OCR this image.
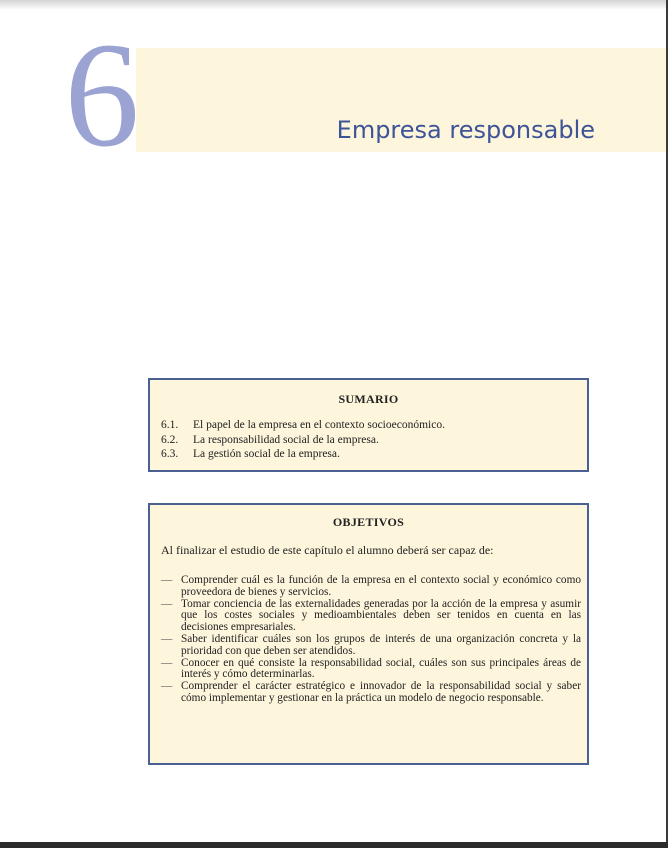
6	Empresa responsable
SUMARIO
6.1.	El papel de la empresa en el contexto socioeconómico.
6.2.	La responsabilidad social de la empresa.
6.3.	La gestión social de la empresa.
OBJETIVOS
Al finalizar el estudio de este capítulo el alumno deberá ser capaz de:
— Comprender cuál es la función de la empresa en el contexto social y económico como proveedora de bienes y servicios.
— Tomar conciencia de las externalidades generadas por la acción de la empresa y asumir que los costes sociales y medioambientales deben ser tenidos en cuenta en las decisiones empresariales.
— Saber identificar cuáles son los grupos de interés de una organización concreta y la prioridad con que deben ser atendidos.
— Conocer en qué consiste la responsabilidad social, cuáles son sus principales áreas de interés y cómo determinarlas.
— Comprender el carácter estratégico e innovador de la responsabilidad social y saber cómo implementar y gestionar en la práctica un modelo de negocio responsable.
